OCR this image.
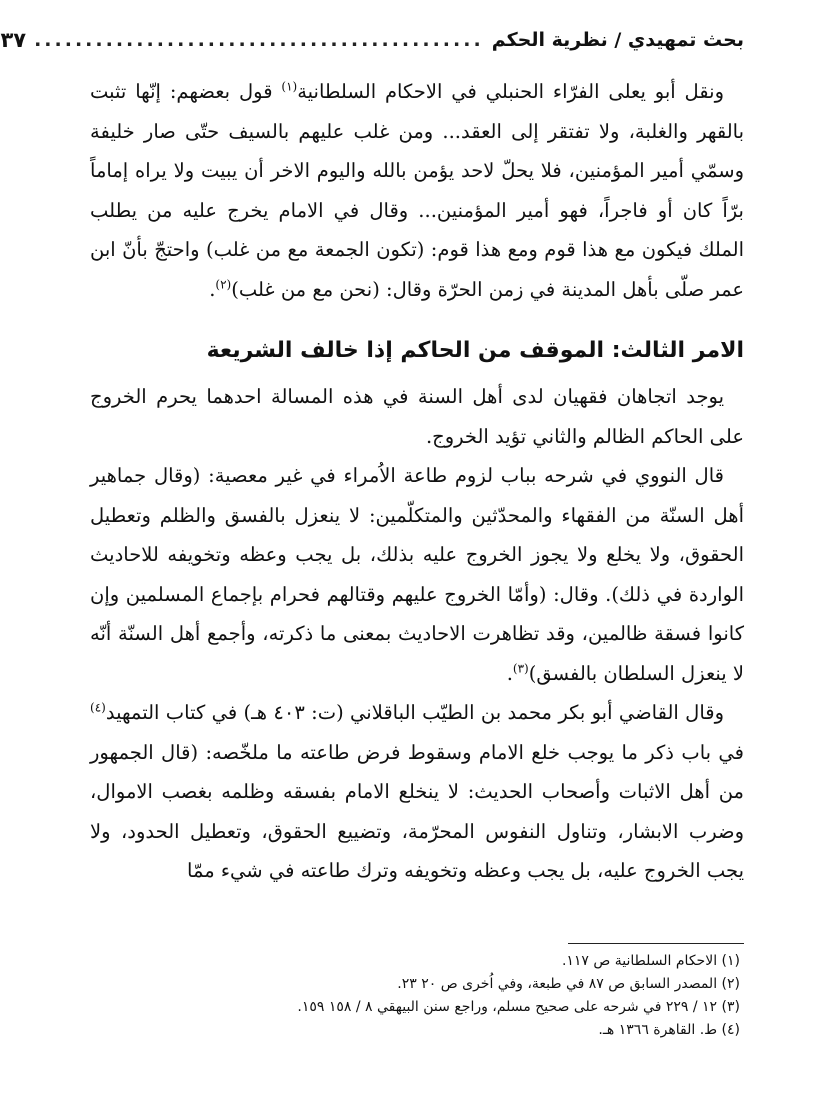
بحث تمهيدي / نظرية الحكم
............................................
٣٧

ونقل أبو يعلى الفرّاء الحنبلي في الاحكام السلطانية$^{(١)}$ قول بعضهم: إنّها تثبت بالقهر والغلبة، ولا تفتقر إلى العقد... ومن غلب عليهم بالسيف حتّى صار خليفة وسمّي أمير المؤمنين، فلا يحلّ لاحد يؤمن بالله واليوم الاخر أن يبيت ولا يراه إماماً برّاً كان أو فاجراً، فهو أمير المؤمنين... وقال في الامام يخرج عليه من يطلب الملك فيكون مع هذا قوم ومع هذا قوم: (تكون الجمعة مع من غلب) واحتجّ بأنّ ابن عمر صلّى بأهل المدينة في زمن الحرّة وقال: (نحن مع من غلب)$^{(٢)}$.

الامر الثالث: الموقف من الحاكم إذا خالف الشريعة

يوجد اتجاهان فقهيان لدى أهل السنة في هذه المسالة احدهما يحرم الخروج على الحاكم الظالم والثاني تؤيد الخروج.

قال النووي في شرحه بباب لزوم طاعة الاُمراء في غير معصية: (وقال جماهير أهل السنّة من الفقهاء والمحدّثين والمتكلّمين: لا ينعزل بالفسق والظلم وتعطيل الحقوق، ولا يخلع ولا يجوز الخروج عليه بذلك، بل يجب وعظه وتخويفه للاحاديث الواردة في ذلك). وقال: (وأمّا الخروج عليهم وقتالهم فحرام بإجماع المسلمين وإن كانوا فسقة ظالمين، وقد تظاهرت الاحاديث بمعنى ما ذكرته، وأجمع أهل السنّة أنّه لا ينعزل السلطان بالفسق)$^{(٣)}$.

وقال القاضي أبو بكر محمد بن الطيّب الباقلاني (ت: ٤٠٣ هـ) في كتاب التمهيد$^{(٤)}$ في باب ذكر ما يوجب خلع الامام وسقوط فرض طاعته ما ملخّصه: (قال الجمهور من أهل الاثبات وأصحاب الحديث: لا ينخلع الامام بفسقه وظلمه بغصب الاموال، وضرب الابشار، وتناول النفوس المحرّمة، وتضييع الحقوق، وتعطيل الحدود، ولا يجب الخروج عليه، بل يجب وعظه وتخويفه وترك طاعته في شيء ممّا

(١) الاحكام السلطانية ص ١١٧.
(٢) المصدر السابق ص ٨٧ في طبعة، وفي اُخرى ص ٢٠ ٢٣.
(٣) ١٢ / ٢٢٩ في شرحه على صحيح مسلم، وراجع سنن البيهقي ٨ / ١٥٨ ١٥٩.
(٤) ط. القاهرة ١٣٦٦ هـ.
